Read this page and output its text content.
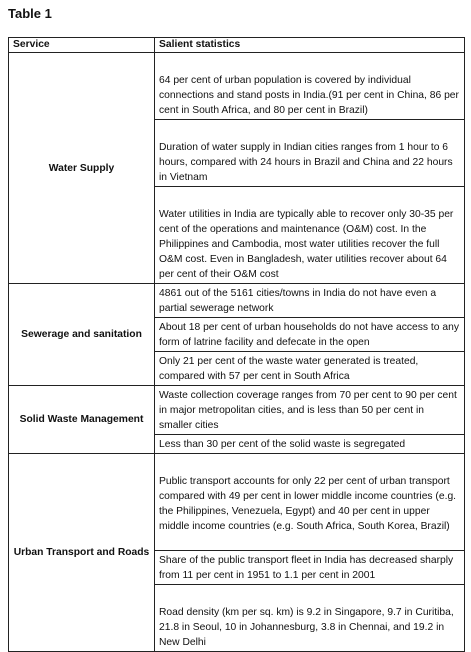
Table 1
Service	Salient statistics
Water Supply	64 per cent of urban population is covered by individual connections and stand posts in India.(91 per cent in China, 86 per cent in South Africa, and 80 per cent in Brazil)
	Duration of water supply in Indian cities ranges from 1 hour to 6 hours, compared with 24 hours in Brazil and China and 22 hours in Vietnam
	Water utilities in India are typically able to recover only 30-35 per cent of the operations and maintenance (O&M) cost. In the Philippines and Cambodia, most water utilities recover the full O&M cost. Even in Bangladesh, water utilities recover about 64 per cent of their O&M cost
Sewerage and sanitation	4861 out of the 5161 cities/towns in India do not have even a partial sewerage network
	About 18 per cent of urban households do not have access to any form of latrine facility and defecate in the open
	Only 21 per cent of the waste water generated is treated, compared with 57 per cent in South Africa
Solid Waste Management	Waste collection coverage ranges from 70 per cent to 90 per cent in major metropolitan cities, and is less than 50 per cent in smaller cities
	Less than 30 per cent of the solid waste is segregated
Urban Transport and Roads	Public transport accounts for only 22 per cent of urban transport compared with 49 per cent in lower middle income countries (e.g. the Philippines, Venezuela, Egypt) and 40 per cent in upper middle income countries (e.g. South Africa, South Korea, Brazil)
	Share of the public transport fleet in India has decreased sharply from 11 per cent in 1951 to 1.1 per cent in 2001
	Road density (km per sq. km) is 9.2 in Singapore, 9.7 in Curitiba, 21.8 in Seoul, 10 in Johannesburg, 3.8 in Chennai, and 19.2 in New Delhi
